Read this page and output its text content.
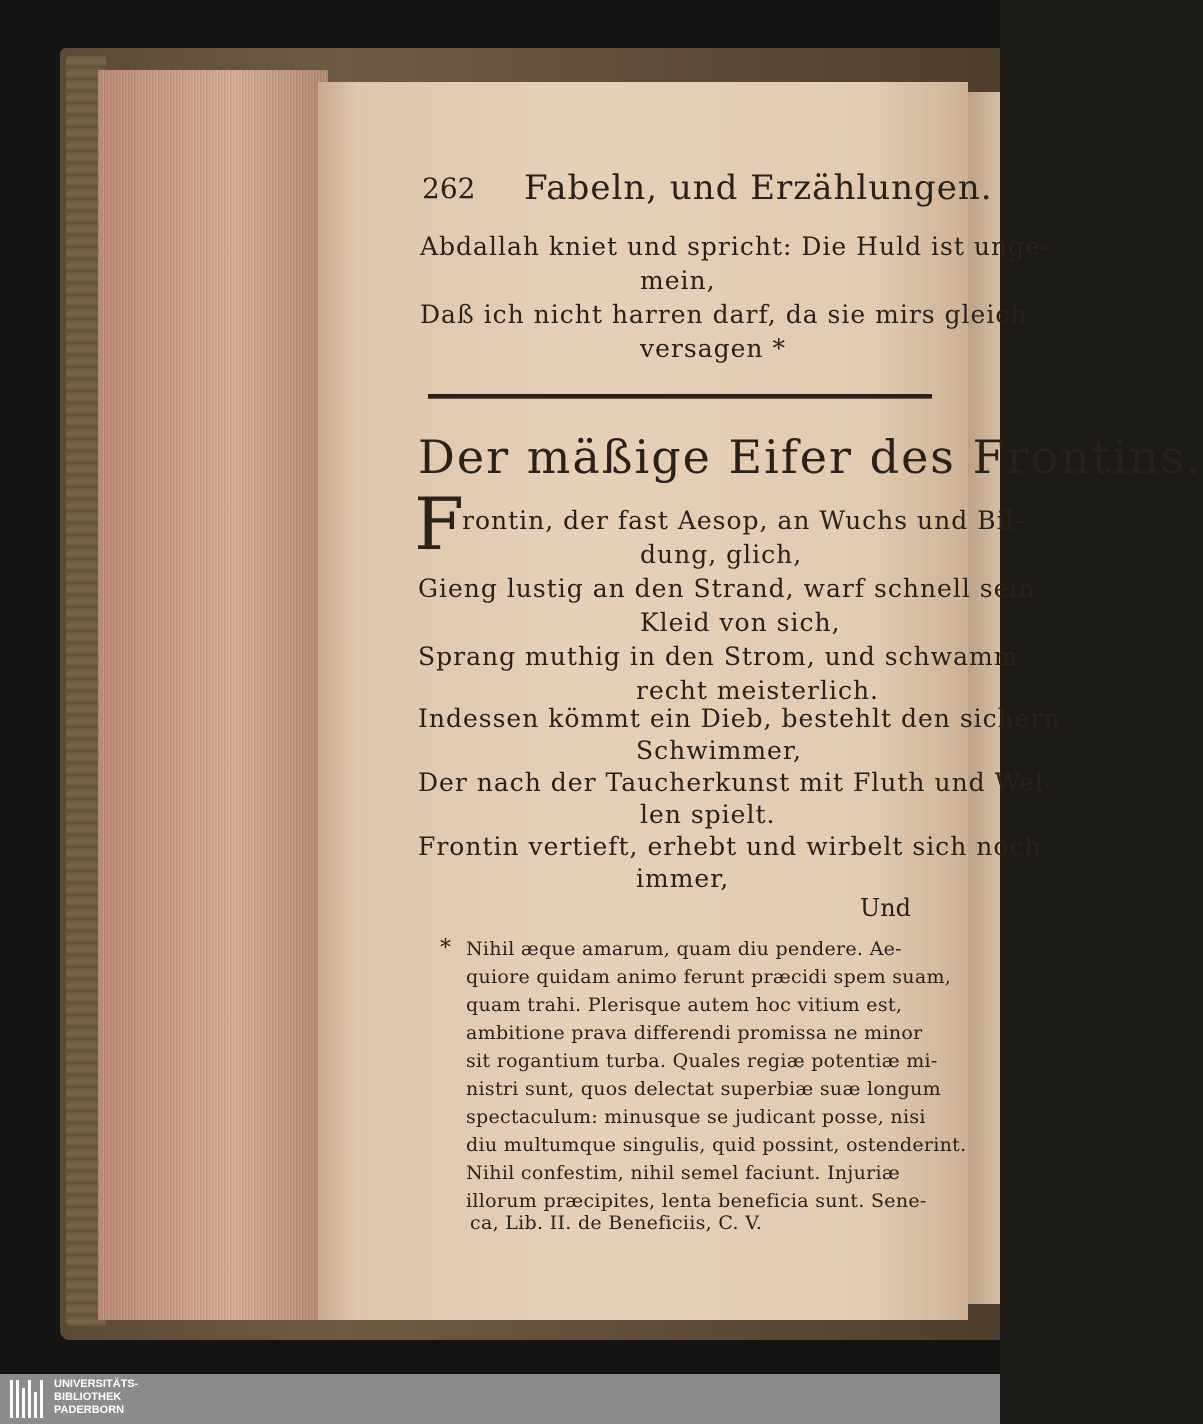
262 Fabeln, und Erzählungen.
Abdallah kniet und spricht: Die Huld ist unge-
mein,
Daß ich nicht harren darf, da sie mirs gleich
versagen *
Der mäßige Eifer des Frontins.
F
rontin, der fast Aesop, an Wuchs und Bil-
dung, glich,
Gieng lustig an den Strand, warf schnell sein
Kleid von sich,
Sprang muthig in den Strom, und schwamm
recht meisterlich.
Indessen kömmt ein Dieb, bestehlt den sichern
Schwimmer,
Der nach der Taucherkunst mit Fluth und Wel-
len spielt.
Frontin vertieft, erhebt und wirbelt sich noch
immer,
Und
* Nihil æque amarum, quam diu pendere. Ae-
quiore quidam animo ferunt præcidi spem suam,
quam trahi. Plerisque autem hoc vitium est,
ambitione prava differendi promissa ne minor
sit rogantium turba. Quales regiæ potentiæ mi-
nistri sunt, quos delectat superbiæ suæ longum
spectaculum: minusque se judicant posse, nisi
diu multumque singulis, quid possint, ostenderint.
Nihil confestim, nihil semel faciunt. Injuriæ
illorum præcipites, lenta beneficia sunt. Sene-
ca, Lib. II. de Beneficiis, C. V.
UNIVERSITÄTS-
BIBLIOTHEK
PADERBORN
